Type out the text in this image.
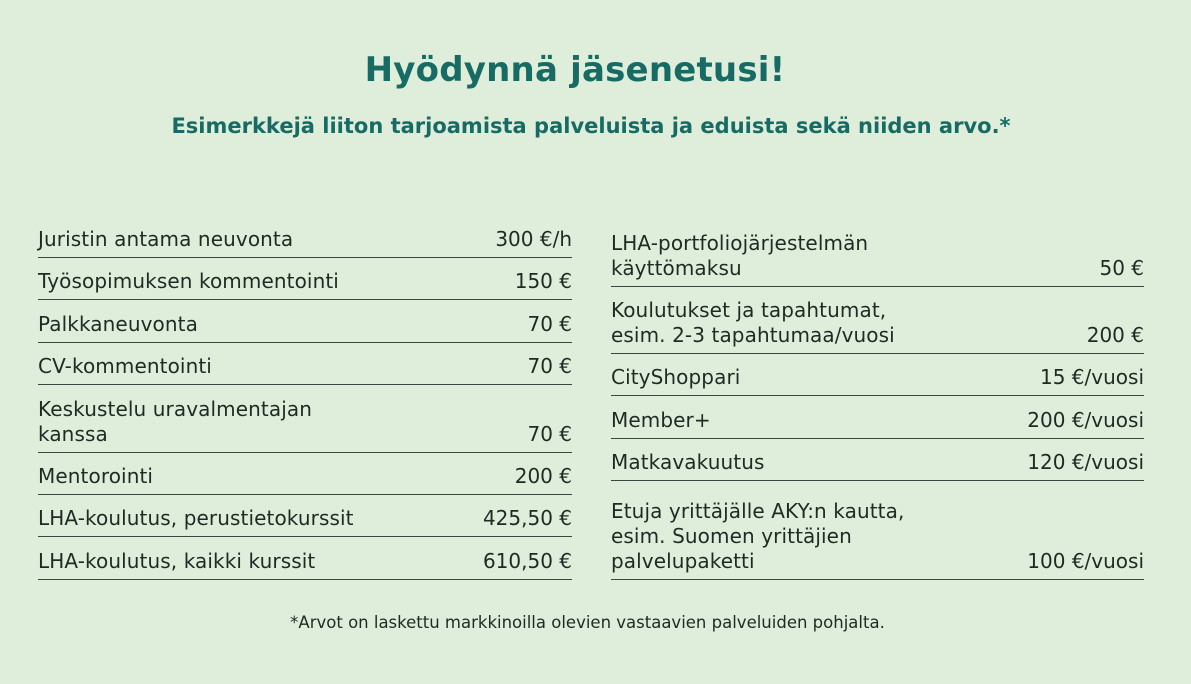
Hyödynnä jäsenetusi!
Esimerkkejä liiton tarjoamista palveluista ja eduista sekä niiden arvo.*
Juristin antama neuvonta	300 €/h
Työsopimuksen kommentointi	150 €
Palkkaneuvonta	70 €
CV-kommentointi	70 €
Keskustelu uravalmentajan
kanssa	70 €
Mentorointi	200 €
LHA-koulutus, perustietokurssit	425,50 €
LHA-koulutus, kaikki kurssit	610,50 €
LHA-portfoliojärjestelmän
käyttömaksu	50 €
Koulutukset ja tapahtumat,
esim. 2-3 tapahtumaa/vuosi	200 €
CityShoppari	15 €/vuosi
Member+	200 €/vuosi
Matkavakuutus	120 €/vuosi
Etuja yrittäjälle AKY:n kautta,
esim. Suomen yrittäjien
palvelupaketti	100 €/vuosi
*Arvot on laskettu markkinoilla olevien vastaavien palveluiden pohjalta.
